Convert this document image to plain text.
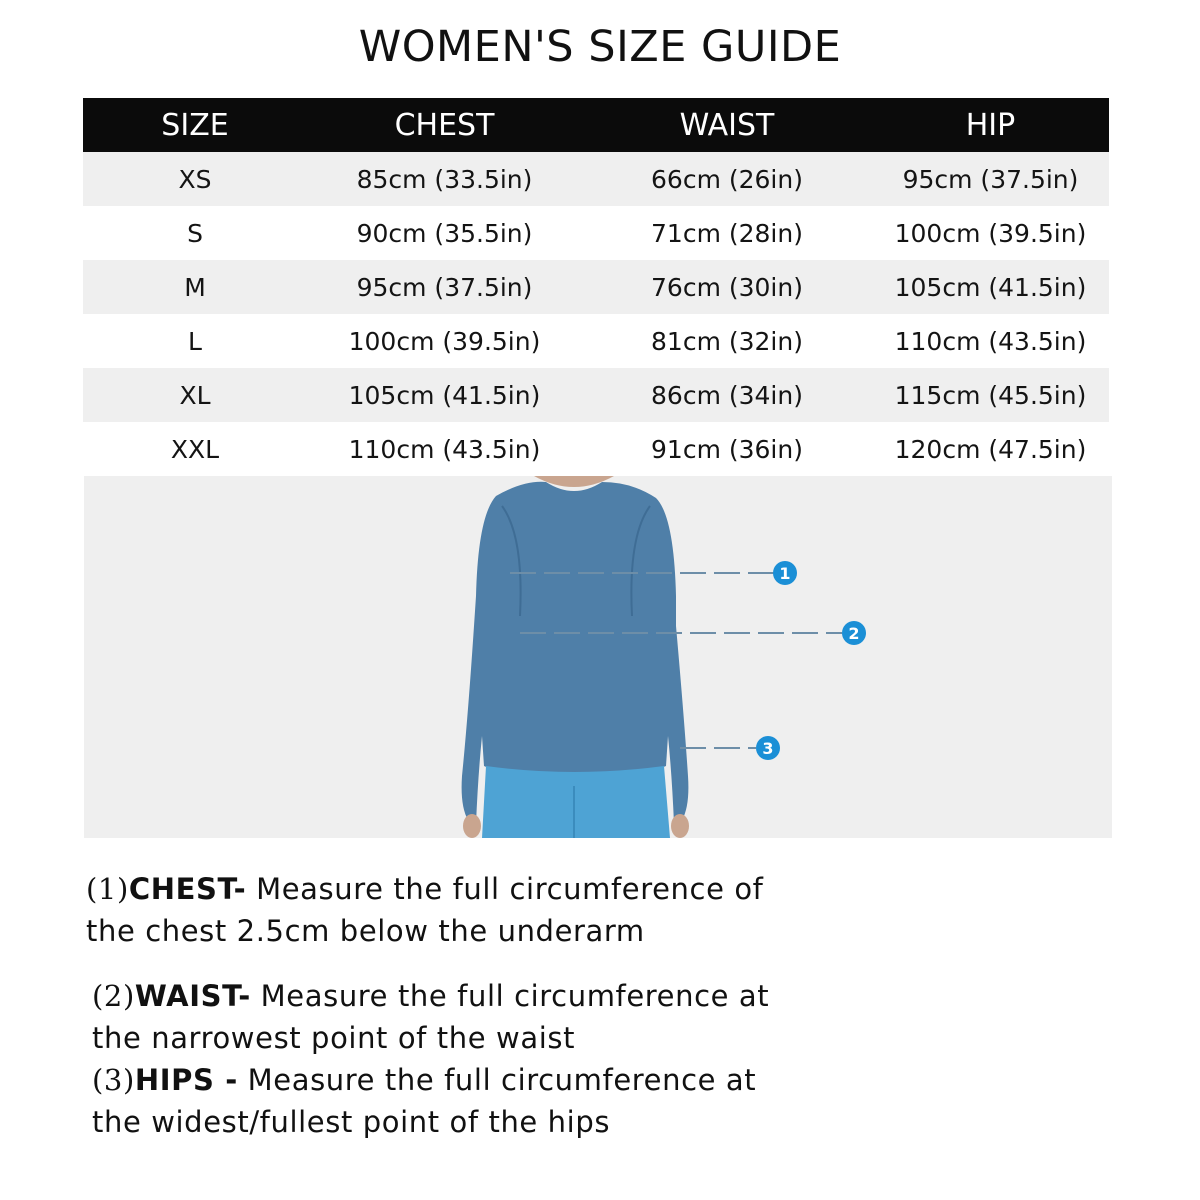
WOMEN'S SIZE GUIDE
SIZE	CHEST	WAIST	HIP
XS	85cm (33.5in)	66cm (26in)	95cm (37.5in)
S	90cm (35.5in)	71cm (28in)	100cm (39.5in)
M	95cm (37.5in)	76cm (30in)	105cm (41.5in)
L	100cm (39.5in)	81cm (32in)	110cm (43.5in)
XL	105cm (41.5in)	86cm (34in)	115cm (45.5in)
XXL	110cm (43.5in)	91cm (36in)	120cm (47.5in)
1
2
3
(1)CHEST- Measure the full circumference of
the chest 2.5cm below the underarm
(2)WAIST- Measure the full circumference at
the narrowest point of the waist
(3)HIPS - Measure the full circumference at
the widest/fullest point of the hips
